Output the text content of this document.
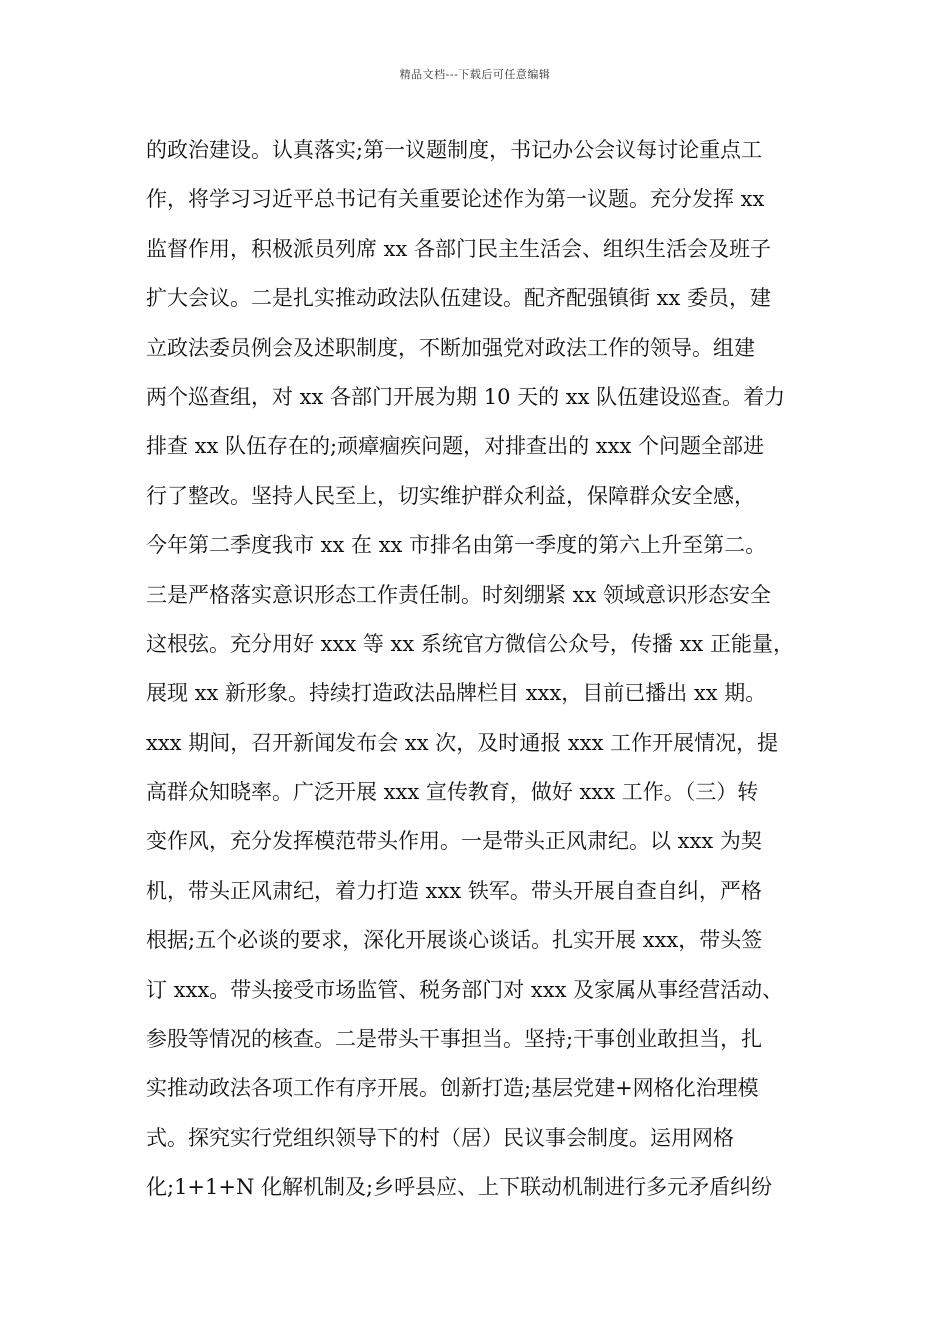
精品文档---下载后可任意编辑
的政治建设。认真落实;第一议题制度，书记办公会议每讨论重点工
作，将学习习近平总书记有关重要论述作为第一议题。充分发挥 xx
监督作用，积极派员列席 xx 各部门民主生活会、组织生活会及班子
扩大会议。二是扎实推动政法队伍建设。配齐配强镇街 xx 委员，建
立政法委员例会及述职制度，不断加强党对政法工作的领导。组建
两个巡查组，对 xx 各部门开展为期 10 天的 xx 队伍建设巡查。着力
排查 xx 队伍存在的;顽瘴痼疾问题，对排查出的 xxx 个问题全部进
行了整改。坚持人民至上，切实维护群众利益，保障群众安全感，
今年第二季度我市 xx 在 xx 市排名由第一季度的第六上升至第二。
三是严格落实意识形态工作责任制。时刻绷紧 xx 领域意识形态安全
这根弦。充分用好 xxx 等 xx 系统官方微信公众号，传播 xx 正能量，
展现 xx 新形象。持续打造政法品牌栏目 xxx，目前已播出 xx 期。
xxx 期间，召开新闻发布会 xx 次，及时通报 xxx 工作开展情况，提
高群众知晓率。广泛开展 xxx 宣传教育，做好 xxx 工作。（三）转
变作风，充分发挥模范带头作用。一是带头正风肃纪。以 xxx 为契
机，带头正风肃纪，着力打造 xxx 铁军。带头开展自查自纠，严格
根据;五个必谈的要求，深化开展谈心谈话。扎实开展 xxx，带头签
订 xxx。带头接受市场监管、税务部门对 xxx 及家属从事经营活动、
参股等情况的核查。二是带头干事担当。坚持;干事创业敢担当，扎
实推动政法各项工作有序开展。创新打造;基层党建+网格化治理模
式。探究实行党组织领导下的村（居）民议事会制度。运用网格
化;1+1+N 化解机制及;乡呼县应、上下联动机制进行多元矛盾纠纷
